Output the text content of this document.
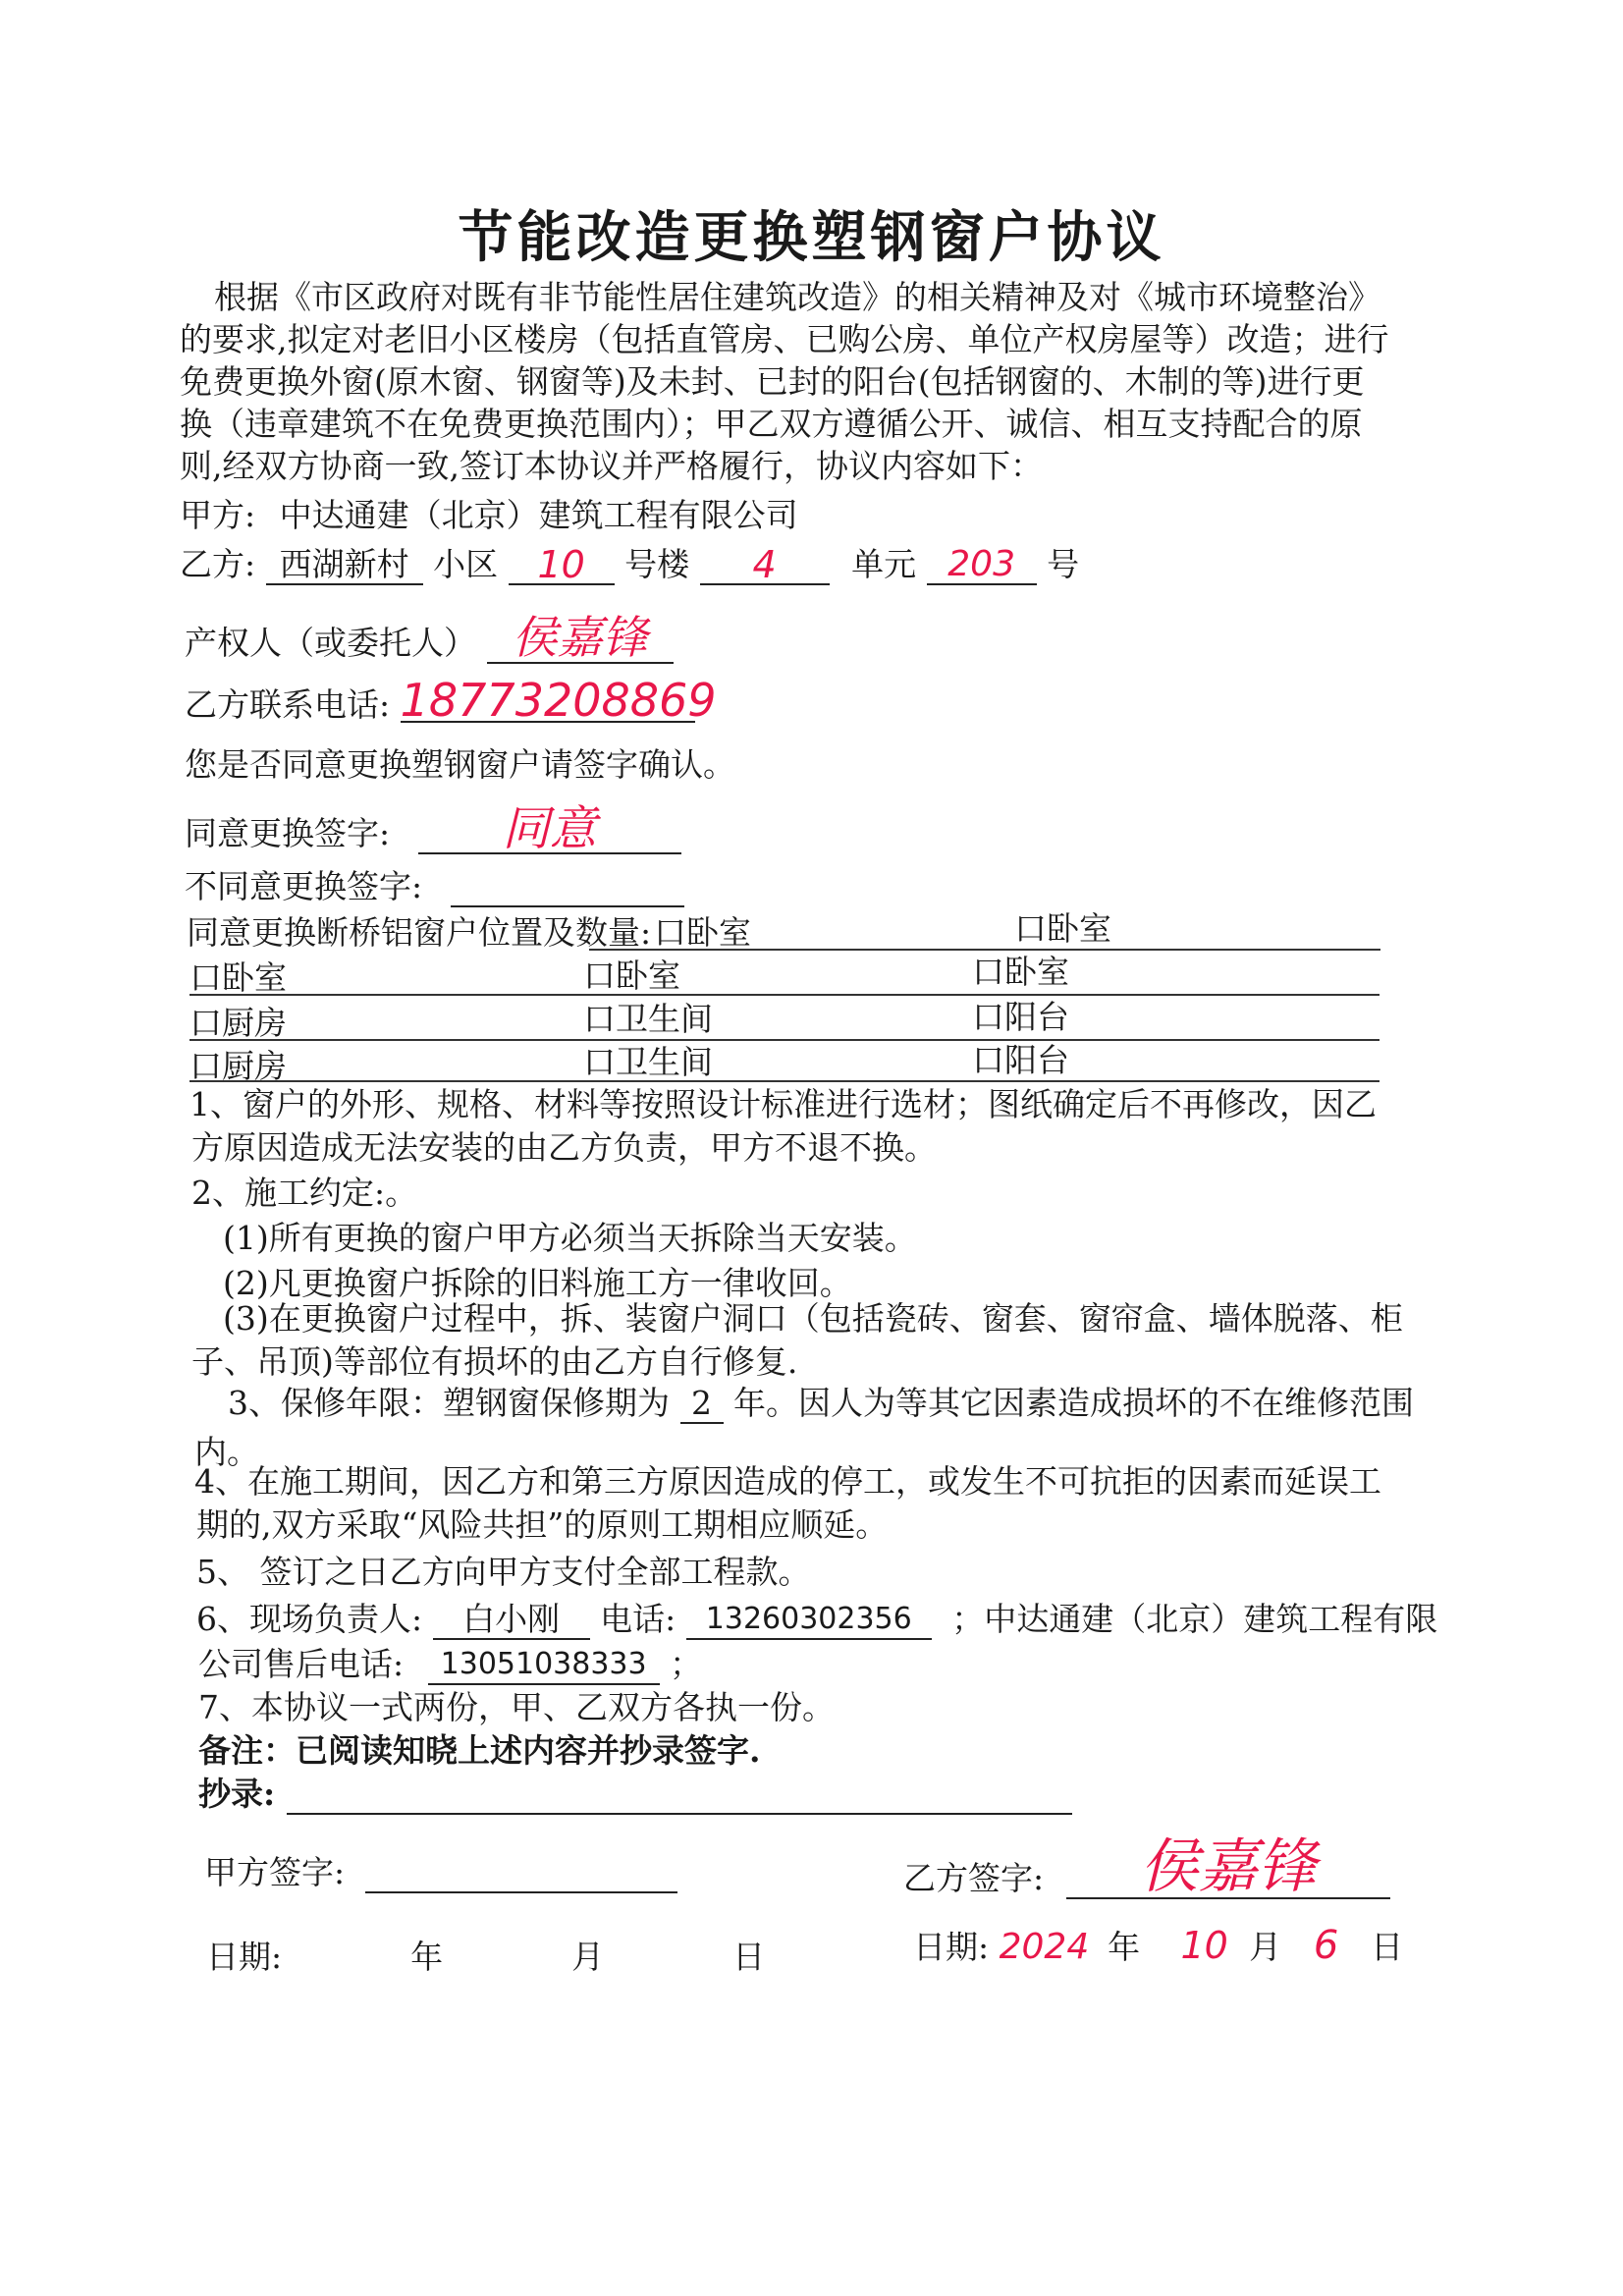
节能改造更换塑钢窗户协议
根据《市区政府对既有非节能性居住建筑改造》的相关精神及对《城市环境整治》
的要求,拟定对老旧小区楼房（包括直管房、已购公房、单位产权房屋等）改造；进行
免费更换外窗(原木窗、钢窗等)及未封、已封的阳台(包括钢窗的、木制的等)进行更
换（违章建筑不在免费更换范围内）；甲乙双方遵循公开、诚信、相互支持配合的原
则,经双方协商一致,签订本协议并严格履行，协议内容如下：
甲方: 中达通建（北京）建筑工程有限公司
乙方: 西湖新村 小区 10 号楼 4 单元 203 号
产权人（或委托人） 侯嘉锋
乙方联系电话: 18773208869
您是否同意更换塑钢窗户请签字确认。
同意更换签字: 同意
不同意更换签字:
同意更换断桥铝窗户位置及数量: 口卧室	口卧室
口卧室	口卧室	口卧室
口厨房	口卫生间	口阳台
口厨房	口卫生间	口阳台
1、窗户的外形、规格、材料等按照设计标准进行选材；图纸确定后不再修改，因乙
方原因造成无法安装的由乙方负责，甲方不退不换。
2、施工约定:。
(1)所有更换的窗户甲方必须当天拆除当天安装。
(2)凡更换窗户拆除的旧料施工方一律收回。
(3)在更换窗户过程中，拆、装窗户洞口（包括瓷砖、窗套、窗帘盒、墙体脱落、柜
子、吊顶)等部位有损坏的由乙方自行修复.
3、保修年限：塑钢窗保修期为 2 年。因人为等其它因素造成损坏的不在维修范围
内。
4、在施工期间，因乙方和第三方原因造成的停工，或发生不可抗拒的因素而延误工
期的,双方采取“风险共担”的原则工期相应顺延。
5、 签订之日乙方向甲方支付全部工程款。
6、现场负责人: 白小刚 电话: 13260302356 ；中达通建（北京）建筑工程有限
公司售后电话: 13051038333 ；
7、本协议一式两份，甲、乙双方各执一份。
备注：已阅读知晓上述内容并抄录签字.
抄录:
甲方签字:	乙方签字: 侯嘉锋
日期:	年	月	日	日期: 2024 年 10 月 6 日
